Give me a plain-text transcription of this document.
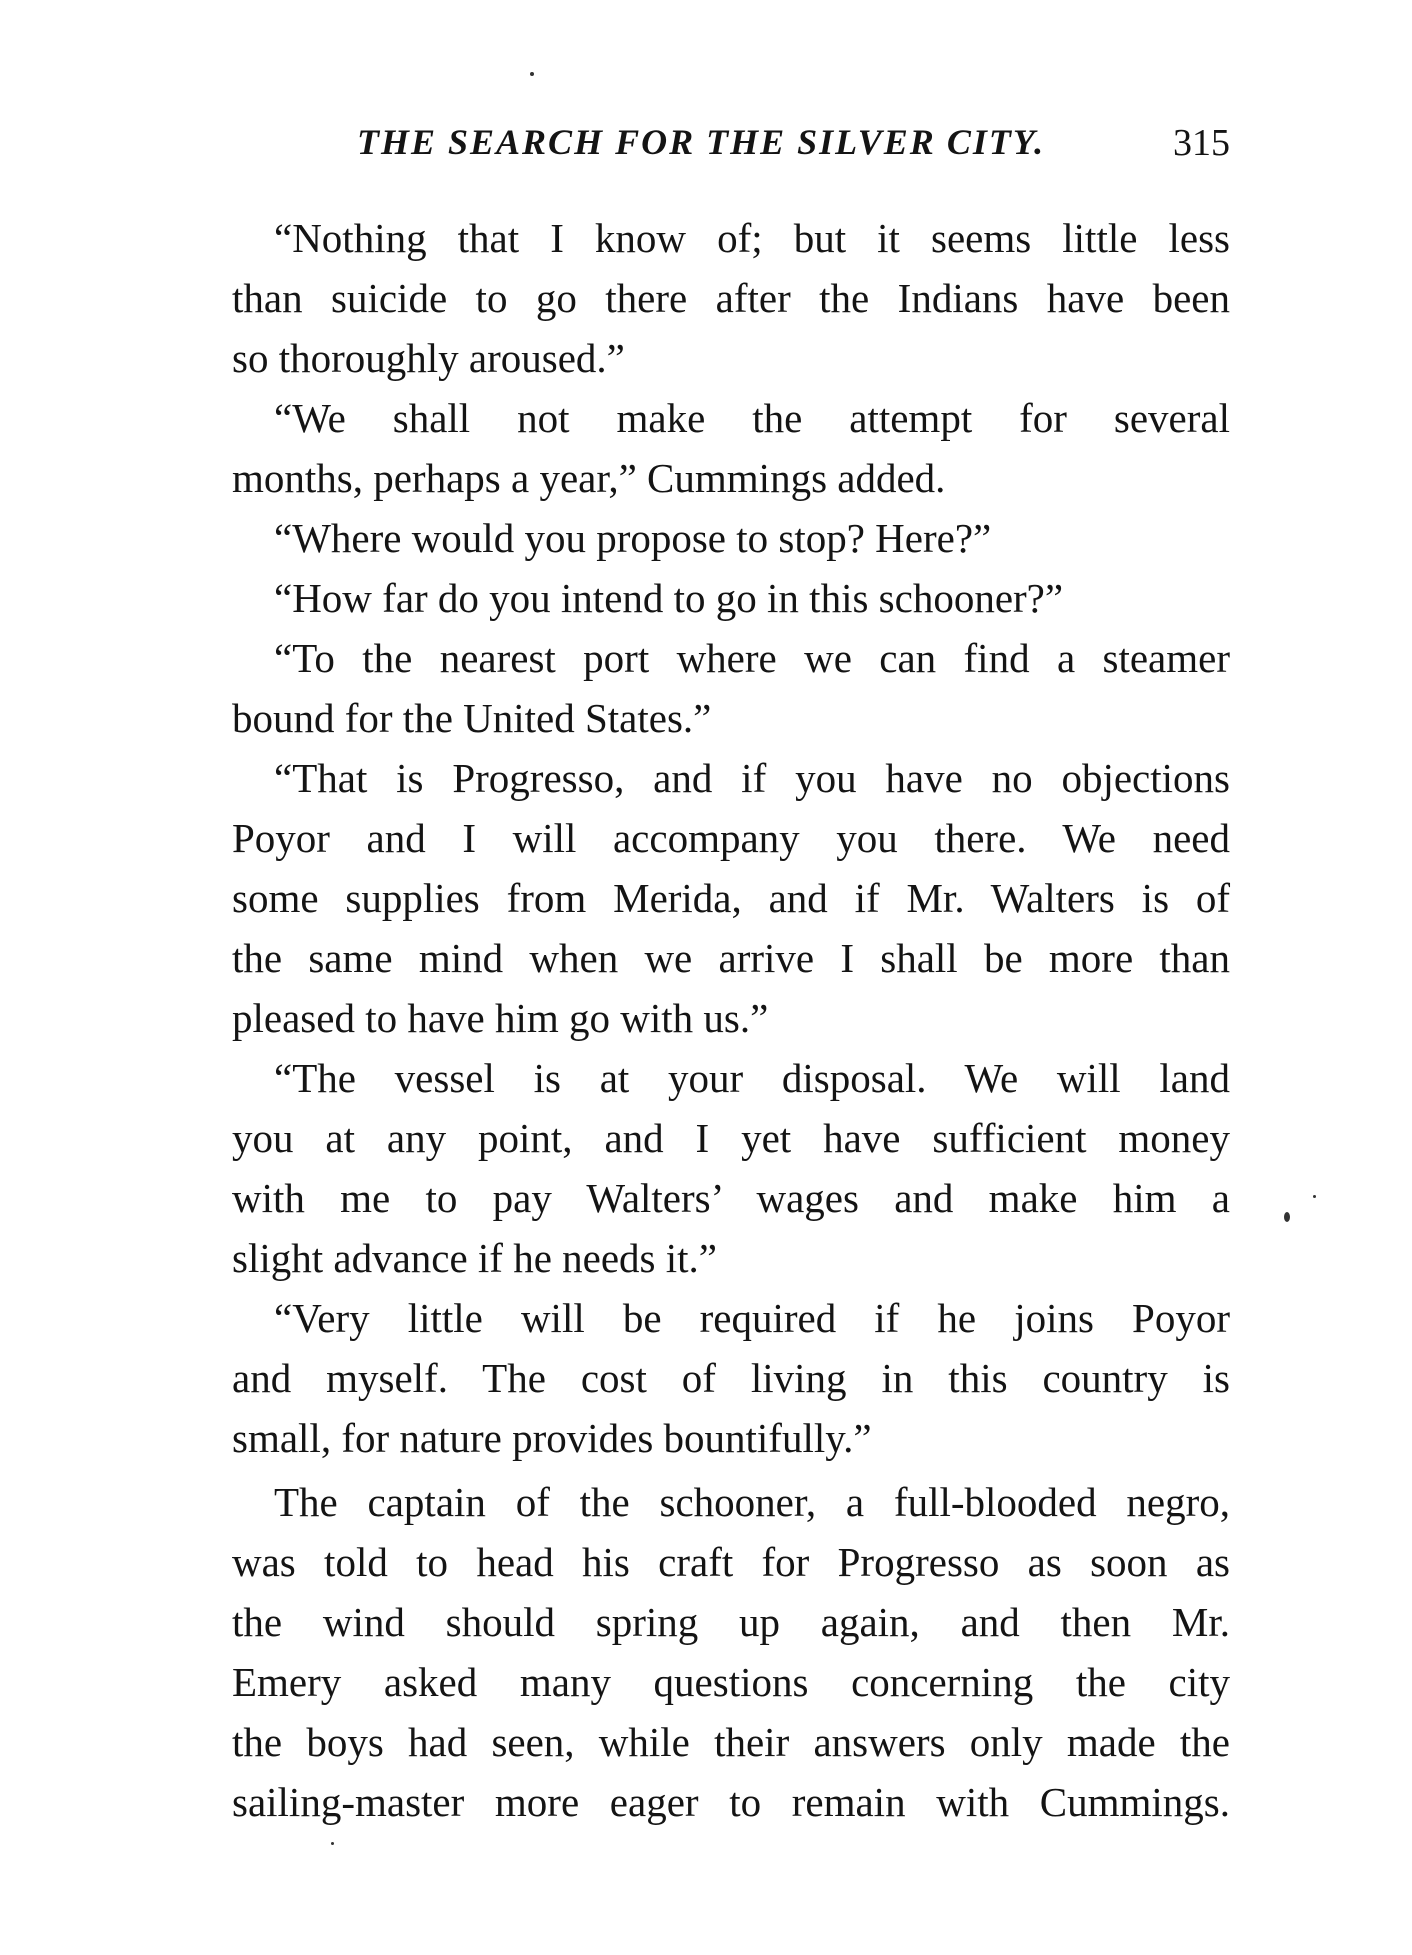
THE SEARCH FOR THE SILVER CITY.	315
“Nothing that I know of; but it seems little less
than suicide to go there after the Indians have been
so thoroughly aroused.”
“We shall not make the attempt for several
months, perhaps a year,” Cummings added.
“Where would you propose to stop? Here?”
“How far do you intend to go in this schooner?”
“To the nearest port where we can find a steamer
bound for the United States.”
“That is Progresso, and if you have no objections
Poyor and I will accompany you there. We need
some supplies from Merida, and if Mr. Walters is of
the same mind when we arrive I shall be more than
pleased to have him go with us.”
“The vessel is at your disposal. We will land
you at any point, and I yet have sufficient money
with me to pay Walters’ wages and make him a
slight advance if he needs it.”
“Very little will be required if he joins Poyor
and myself. The cost of living in this country is
small, for nature provides bountifully.”
The captain of the schooner, a full-blooded negro,
was told to head his craft for Progresso as soon as
the wind should spring up again, and then Mr.
Emery asked many questions concerning the city
the boys had seen, while their answers only made the
sailing-master more eager to remain with Cummings.
